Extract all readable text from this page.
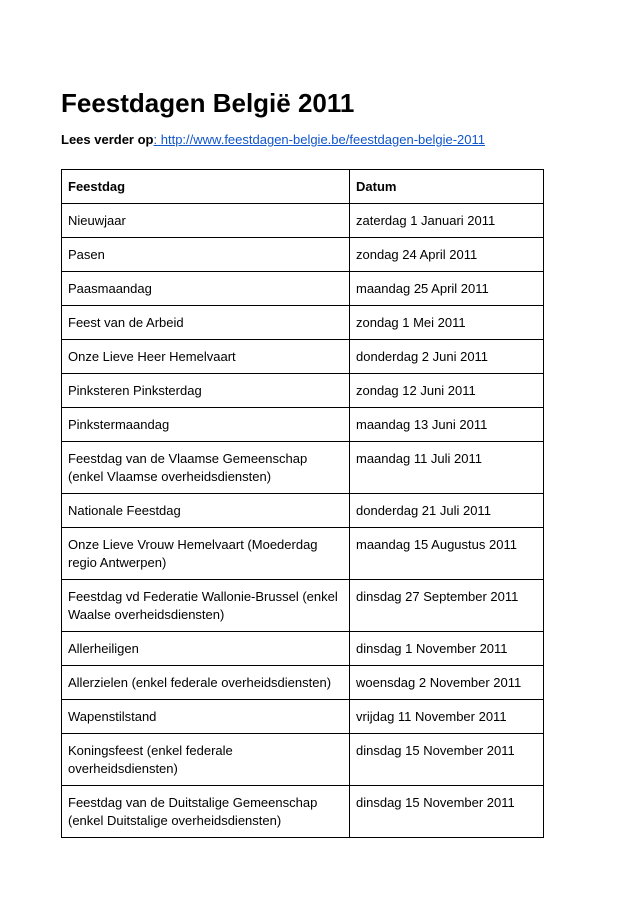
Feestdagen België 2011
Lees verder op: http://www.feestdagen-belgie.be/feestdagen-belgie-2011
Feestdag	Datum
Nieuwjaar	zaterdag 1 Januari 2011
Pasen	zondag 24 April 2011
Paasmaandag	maandag 25 April 2011
Feest van de Arbeid	zondag 1 Mei 2011
Onze Lieve Heer Hemelvaart	donderdag 2 Juni 2011
Pinksteren Pinksterdag	zondag 12 Juni 2011
Pinkstermaandag	maandag 13 Juni 2011
Feestdag van de Vlaamse Gemeenschap (enkel Vlaamse overheidsdiensten)	maandag 11 Juli 2011
Nationale Feestdag	donderdag 21 Juli 2011
Onze Lieve Vrouw Hemelvaart (Moederdag regio Antwerpen)	maandag 15 Augustus 2011
Feestdag vd Federatie Wallonie-Brussel (enkel Waalse overheidsdiensten)	dinsdag 27 September 2011
Allerheiligen	dinsdag 1 November 2011
Allerzielen (enkel federale overheidsdiensten)	woensdag 2 November 2011
Wapenstilstand	vrijdag 11 November 2011
Koningsfeest (enkel federale overheidsdiensten)	dinsdag 15 November 2011
Feestdag van de Duitstalige Gemeenschap (enkel Duitstalige overheidsdiensten)	dinsdag 15 November 2011
